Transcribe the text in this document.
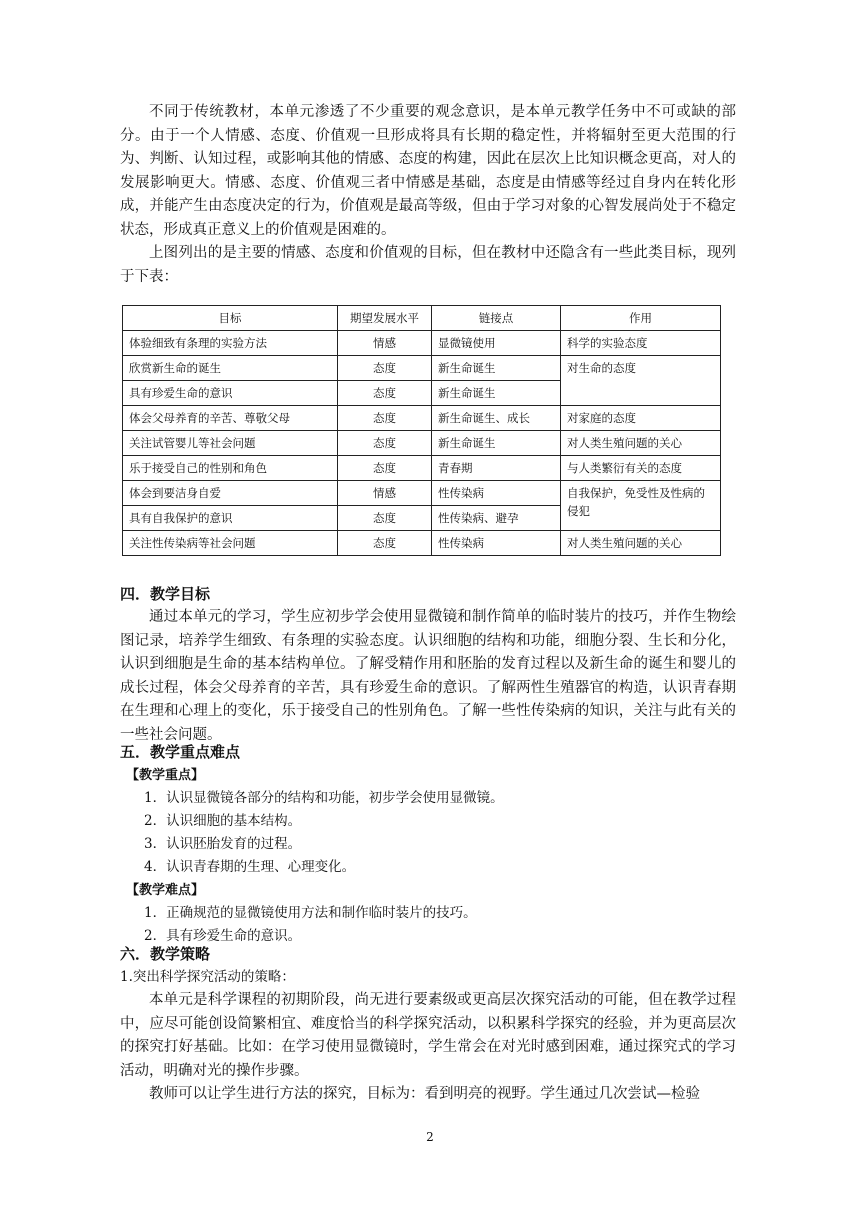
不同于传统教材，本单元渗透了不少重要的观念意识，是本单元教学任务中不可或缺的部分。由于一个人情感、态度、价值观一旦形成将具有长期的稳定性，并将辐射至更大范围的行为、判断、认知过程，或影响其他的情感、态度的构建，因此在层次上比知识概念更高，对人的发展影响更大。情感、态度、价值观三者中情感是基础，态度是由情感等经过自身内在转化形成，并能产生由态度决定的行为，价值观是最高等级，但由于学习对象的心智发展尚处于不稳定状态，形成真正意义上的价值观是困难的。

上图列出的是主要的情感、态度和价值观的目标，但在教材中还隐含有一些此类目标，现列于下表：

目标	期望发展水平	链接点	作用
体验细致有条理的实验方法	情感	显微镜使用	科学的实验态度
欣赏新生命的诞生	态度	新生命诞生	对生命的态度
具有珍爱生命的意识	态度	新生命诞生	
体会父母养育的辛苦、尊敬父母	态度	新生命诞生、成长	对家庭的态度
关注试管婴儿等社会问题	态度	新生命诞生	对人类生殖问题的关心
乐于接受自己的性别和角色	态度	青春期	与人类繁衍有关的态度
体会到要洁身自爱	情感	性传染病	自我保护，免受性及性病的侵犯
具有自我保护的意识	态度	性传染病、避孕	
关注性传染病等社会问题	态度	性传染病	对人类生殖问题的关心
四．教学目标

通过本单元的学习，学生应初步学会使用显微镜和制作简单的临时装片的技巧，并作生物绘图记录，培养学生细致、有条理的实验态度。认识细胞的结构和功能，细胞分裂、生长和分化，认识到细胞是生命的基本结构单位。了解受精作用和胚胎的发育过程以及新生命的诞生和婴儿的成长过程，体会父母养育的辛苦，具有珍爱生命的意识。了解两性生殖器官的构造，认识青春期在生理和心理上的变化，乐于接受自己的性别角色。了解一些性传染病的知识，关注与此有关的一些社会问题。

五．教学重点难点

【教学重点】

1．认识显微镜各部分的结构和功能，初步学会使用显微镜。

2．认识细胞的基本结构。

3．认识胚胎发育的过程。

4．认识青春期的生理、心理变化。

【教学难点】

1．正确规范的显微镜使用方法和制作临时装片的技巧。

2．具有珍爱生命的意识。

六．教学策略

1.突出科学探究活动的策略：

本单元是科学课程的初期阶段，尚无进行要素级或更高层次探究活动的可能，但在教学过程中，应尽可能创设简繁相宜、难度恰当的科学探究活动，以积累科学探究的经验，并为更高层次的探究打好基础。比如：在学习使用显微镜时，学生常会在对光时感到困难，通过探究式的学习活动，明确对光的操作步骤。

教师可以让学生进行方法的探究，目标为：看到明亮的视野。学生通过几次尝试—检验

2
